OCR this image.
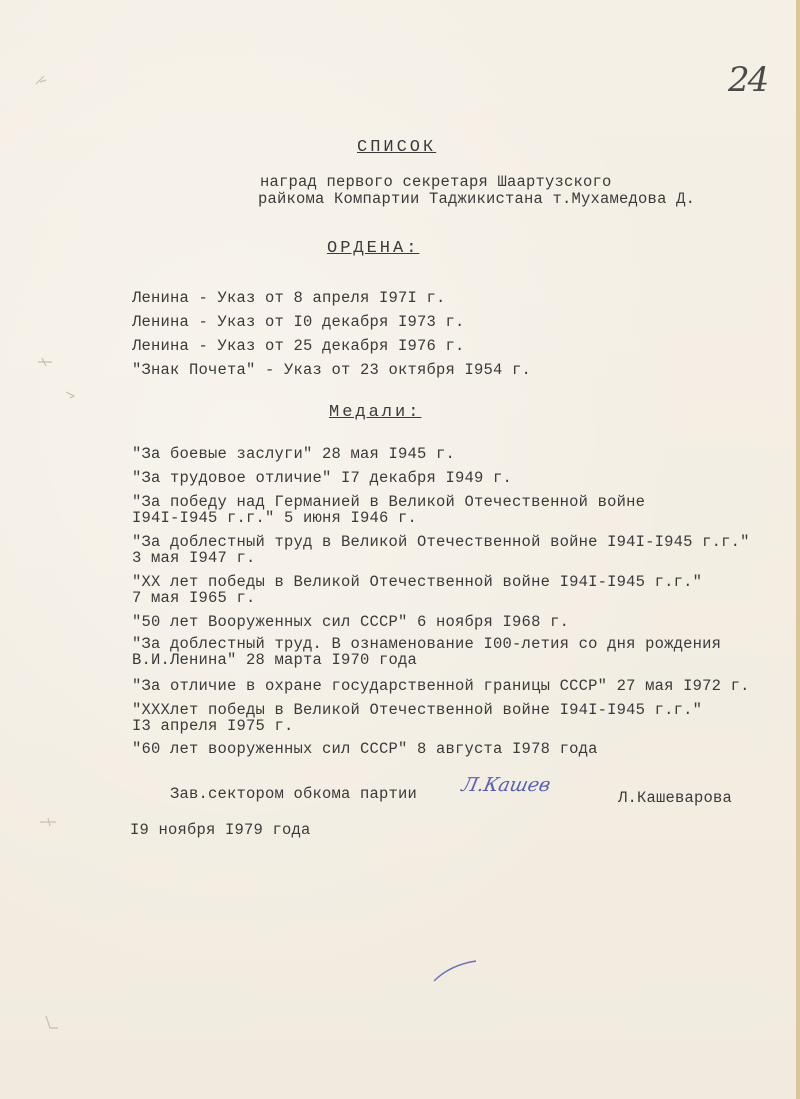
24
СПИСОК
наград первого секретаря Шаартузского
райкома Компартии Таджикистана т.Мухамедова Д.
ОРДЕНА:
Ленина - Указ от 8 апреля I97I г.
Ленина - Указ от I0 декабря I973 г.
Ленина - Указ от 25 декабря I976 г.
"Знак Почета" - Указ от 23 октября I954 г.
Медали:
"За боевые заслуги" 28 мая I945 г.
"За трудовое отличие" I7 декабря I949 г.
"За победу над Германией в Великой Отечественной войне
I94I-I945 г.г." 5 июня I946 г.
"За доблестный труд в Великой Отечественной войне I94I-I945 г.г."
3 мая I947 г.
"XX лет победы в Великой Отечественной войне I94I-I945 г.г."
7 мая I965 г.
"50 лет Вооруженных сил СССР" 6 ноября I968 г.
"За доблестный труд. В ознаменование I00-летия со дня рождения
В.И.Ленина" 28 марта I970 года
"За отличие в охране государственной границы СССР" 27 мая I972 г.
"XXXлет победы в Великой Отечественной войне I94I-I945 г.г."
I3 апреля I975 г.
"60 лет вооруженных сил СССР" 8 августа I978 года
Зав.сектором обкома партии Л.Кашев
Л.Кашеварова
I9 ноября I979 года
